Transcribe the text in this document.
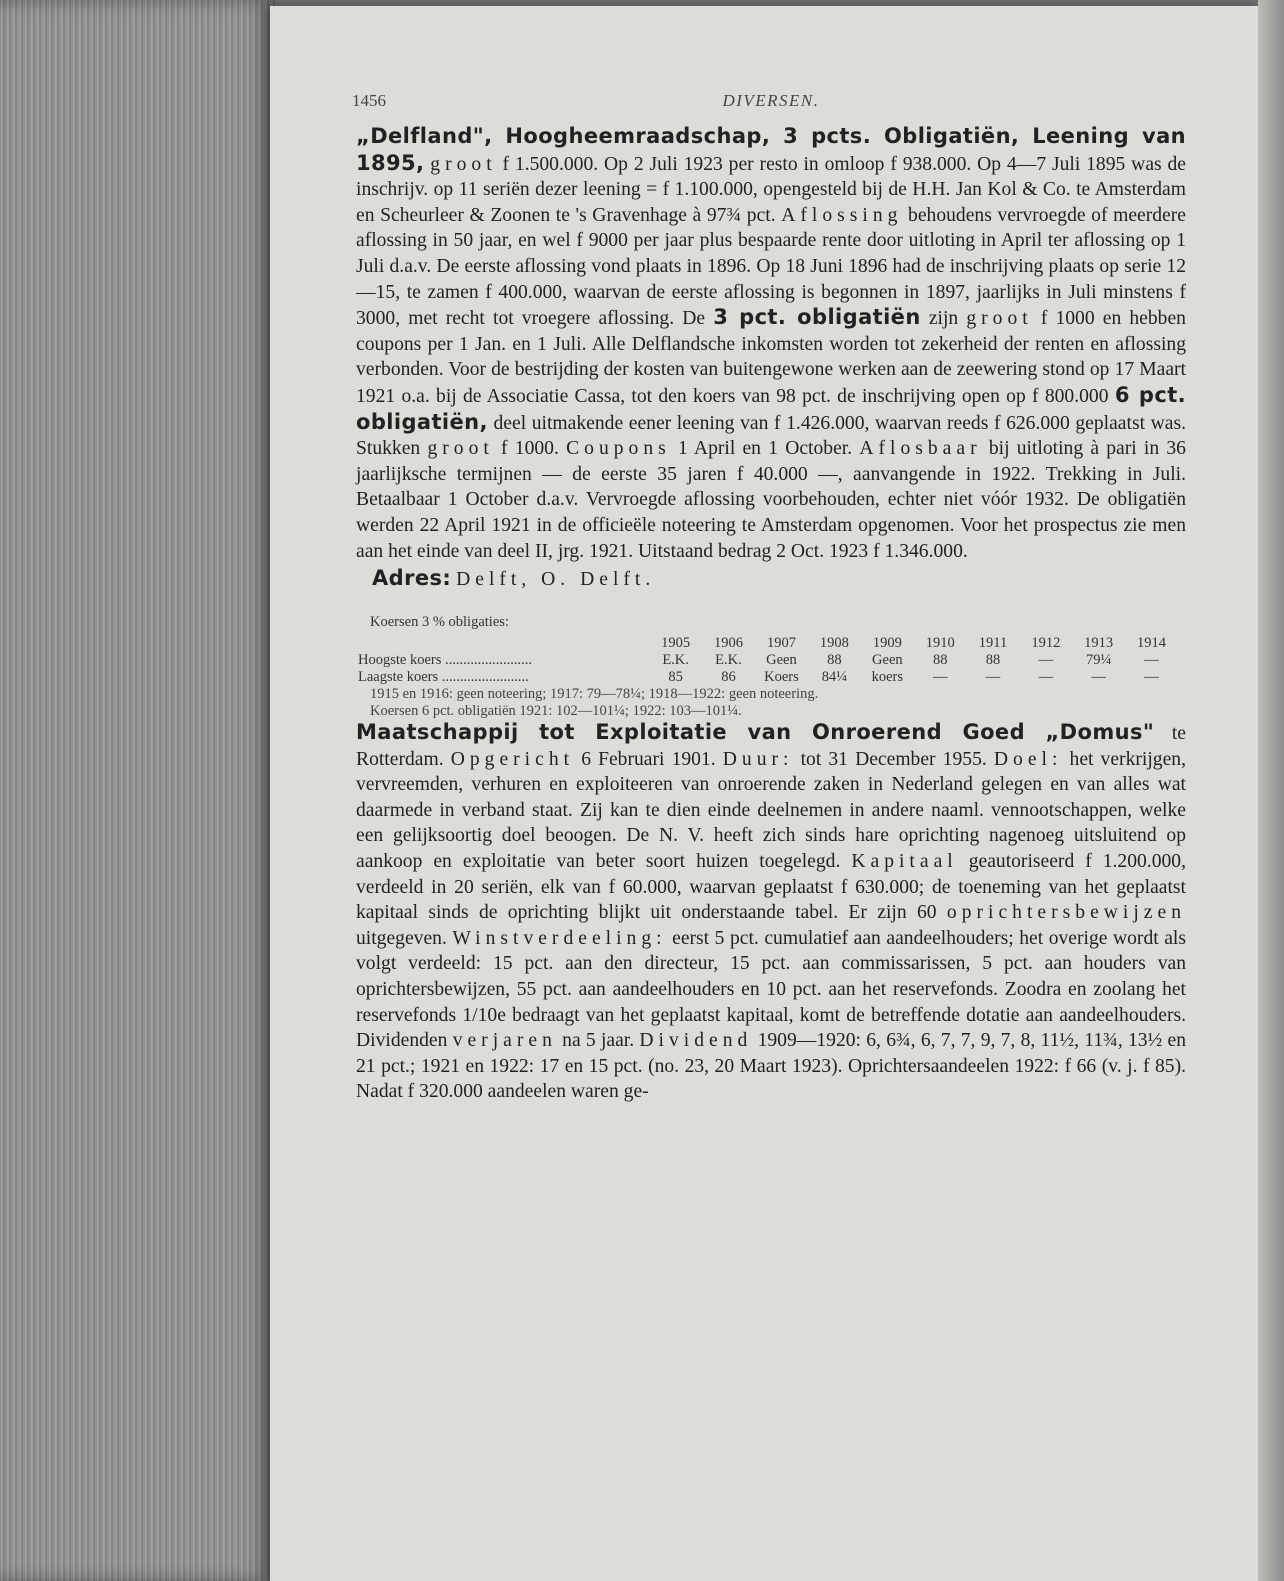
1456	DIVERSEN.

„Delfland", Hoogheemraadschap, 3 pcts. Obligatiën, Leening van 1895, groot f 1.500.000. Op 2 Juli 1923 per resto in omloop f 938.000. Op 4—7 Juli 1895 was de inschrijv. op 11 seriën dezer leening = f 1.100.000, opengesteld bij de H.H. Jan Kol & Co. te Amsterdam en Scheurleer & Zoonen te 's Gravenhage à 97¾ pct. Aflossing behoudens vervroegde of meerdere aflossing in 50 jaar, en wel f 9000 per jaar plus bespaarde rente door uitloting in April ter aflossing op 1 Juli d.a.v. De eerste aflossing vond plaats in 1896. Op 18 Juni 1896 had de inschrijving plaats op serie 12—15, te zamen f 400.000, waarvan de eerste aflossing is begonnen in 1897, jaarlijks in Juli minstens f 3000, met recht tot vroegere aflossing. De 3 pct. obligatiën zijn groot f 1000 en hebben coupons per 1 Jan. en 1 Juli. Alle Delflandsche inkomsten worden tot zekerheid der renten en aflossing verbonden. Voor de bestrijding der kosten van buitengewone werken aan de zeewering stond op 17 Maart 1921 o.a. bij de Associatie Cassa, tot den koers van 98 pct. de inschrijving open op f 800.000 6 pct. obligatiën, deel uitmakende eener leening van f 1.426.000, waarvan reeds f 626.000 geplaatst was. Stukken groot f 1000. Coupons 1 April en 1 October. Aflosbaar bij uitloting à pari in 36 jaarlijksche termijnen — de eerste 35 jaren f 40.000 —, aanvangende in 1922. Trekking in Juli. Betaalbaar 1 October d.a.v. Vervroegde aflossing voorbehouden, echter niet vóór 1932. De obligatiën werden 22 April 1921 in de officieële noteering te Amsterdam opgenomen. Voor het prospectus zie men aan het einde van deel II, jrg. 1921. Uitstaand bedrag 2 Oct. 1923 f 1.346.000.

Adres: Delft, O. Delft.
Koersen 3 % obligaties:
	1905	1906	1907	1908	1909	1910	1911	1912	1913	1914
Hoogste koers ........................	E.K.	E.K.	Geen	88	Geen	88	88	—	79¼	—
Laagste koers ........................	85	86	Koers	84¼	koers	—	—	—	—	—
1915 en 1916: geen noteering; 1917: 79—78¼; 1918—1922: geen noteering.
Koersen 6 pct. obligatiën 1921: 102—101¼; 1922: 103—101¼.

Maatschappij tot Exploitatie van Onroerend Goed „Domus" te Rotterdam. Opgericht 6 Februari 1901. Duur: tot 31 December 1955. Doel: het verkrijgen, vervreemden, verhuren en exploiteeren van onroerende zaken in Nederland gelegen en van alles wat daarmede in verband staat. Zij kan te dien einde deelnemen in andere naaml. vennootschappen, welke een gelijksoortig doel beoogen. De N. V. heeft zich sinds hare oprichting nagenoeg uitsluitend op aankoop en exploitatie van beter soort huizen toegelegd. Kapitaal geautoriseerd f 1.200.000, verdeeld in 20 seriën, elk van f 60.000, waarvan geplaatst f 630.000; de toeneming van het geplaatst kapitaal sinds de oprichting blijkt uit onderstaande tabel. Er zijn 60 oprichtersbewijzen uitgegeven. Winstverdeeling: eerst 5 pct. cumulatief aan aandeelhouders; het overige wordt als volgt verdeeld: 15 pct. aan den directeur, 15 pct. aan commissarissen, 5 pct. aan houders van oprichtersbewijzen, 55 pct. aan aandeelhouders en 10 pct. aan het reservefonds. Zoodra en zoolang het reservefonds 1/10e bedraagt van het geplaatst kapitaal, komt de betreffende dotatie aan aandeelhouders. Dividenden verjaren na 5 jaar. Dividend 1909—1920: 6, 6¾, 6, 7, 7, 9, 7, 8, 11½, 11¾, 13½ en 21 pct.; 1921 en 1922: 17 en 15 pct. (no. 23, 20 Maart 1923). Oprichtersaandeelen 1922: f 66 (v. j. f 85). Nadat f 320.000 aandeelen waren ge-
